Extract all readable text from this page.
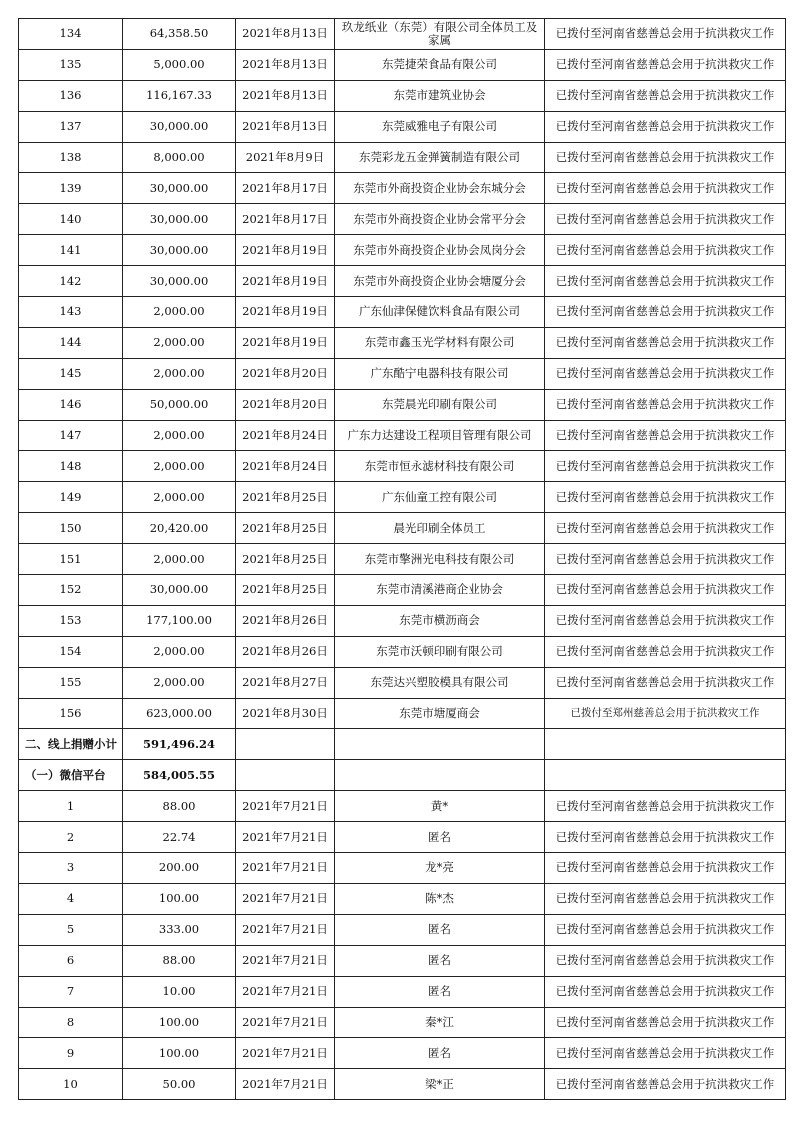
134	64,358.50	2021年8月13日	玖龙纸业（东莞）有限公司全体员工及家属	已拨付至河南省慈善总会用于抗洪救灾工作
135	5,000.00	2021年8月13日	东莞捷荣食品有限公司	已拨付至河南省慈善总会用于抗洪救灾工作
136	116,167.33	2021年8月13日	东莞市建筑业协会	已拨付至河南省慈善总会用于抗洪救灾工作
137	30,000.00	2021年8月13日	东莞威雅电子有限公司	已拨付至河南省慈善总会用于抗洪救灾工作
138	8,000.00	2021年8月9日	东莞彩龙五金弹簧制造有限公司	已拨付至河南省慈善总会用于抗洪救灾工作
139	30,000.00	2021年8月17日	东莞市外商投资企业协会东城分会	已拨付至河南省慈善总会用于抗洪救灾工作
140	30,000.00	2021年8月17日	东莞市外商投资企业协会常平分会	已拨付至河南省慈善总会用于抗洪救灾工作
141	30,000.00	2021年8月19日	东莞市外商投资企业协会凤岗分会	已拨付至河南省慈善总会用于抗洪救灾工作
142	30,000.00	2021年8月19日	东莞市外商投资企业协会塘厦分会	已拨付至河南省慈善总会用于抗洪救灾工作
143	2,000.00	2021年8月19日	广东仙津保健饮料食品有限公司	已拨付至河南省慈善总会用于抗洪救灾工作
144	2,000.00	2021年8月19日	东莞市鑫玉光学材料有限公司	已拨付至河南省慈善总会用于抗洪救灾工作
145	2,000.00	2021年8月20日	广东酷宁电器科技有限公司	已拨付至河南省慈善总会用于抗洪救灾工作
146	50,000.00	2021年8月20日	东莞晨光印刷有限公司	已拨付至河南省慈善总会用于抗洪救灾工作
147	2,000.00	2021年8月24日	广东力达建设工程项目管理有限公司	已拨付至河南省慈善总会用于抗洪救灾工作
148	2,000.00	2021年8月24日	东莞市恒永滤材科技有限公司	已拨付至河南省慈善总会用于抗洪救灾工作
149	2,000.00	2021年8月25日	广东仙童工控有限公司	已拨付至河南省慈善总会用于抗洪救灾工作
150	20,420.00	2021年8月25日	晨光印刷全体员工	已拨付至河南省慈善总会用于抗洪救灾工作
151	2,000.00	2021年8月25日	东莞市擎洲光电科技有限公司	已拨付至河南省慈善总会用于抗洪救灾工作
152	30,000.00	2021年8月25日	东莞市清溪港商企业协会	已拨付至河南省慈善总会用于抗洪救灾工作
153	177,100.00	2021年8月26日	东莞市横沥商会	已拨付至河南省慈善总会用于抗洪救灾工作
154	2,000.00	2021年8月26日	东莞市沃顿印刷有限公司	已拨付至河南省慈善总会用于抗洪救灾工作
155	2,000.00	2021年8月27日	东莞达兴塑胶模具有限公司	已拨付至河南省慈善总会用于抗洪救灾工作
156	623,000.00	2021年8月30日	东莞市塘厦商会	已拨付至郑州慈善总会用于抗洪救灾工作
二、线上捐赠小计	591,496.24			
（一）微信平台	584,005.55			
1	88.00	2021年7月21日	黄*	已拨付至河南省慈善总会用于抗洪救灾工作
2	22.74	2021年7月21日	匿名	已拨付至河南省慈善总会用于抗洪救灾工作
3	200.00	2021年7月21日	龙*亮	已拨付至河南省慈善总会用于抗洪救灾工作
4	100.00	2021年7月21日	陈*杰	已拨付至河南省慈善总会用于抗洪救灾工作
5	333.00	2021年7月21日	匿名	已拨付至河南省慈善总会用于抗洪救灾工作
6	88.00	2021年7月21日	匿名	已拨付至河南省慈善总会用于抗洪救灾工作
7	10.00	2021年7月21日	匿名	已拨付至河南省慈善总会用于抗洪救灾工作
8	100.00	2021年7月21日	秦*江	已拨付至河南省慈善总会用于抗洪救灾工作
9	100.00	2021年7月21日	匿名	已拨付至河南省慈善总会用于抗洪救灾工作
10	50.00	2021年7月21日	梁*正	已拨付至河南省慈善总会用于抗洪救灾工作
